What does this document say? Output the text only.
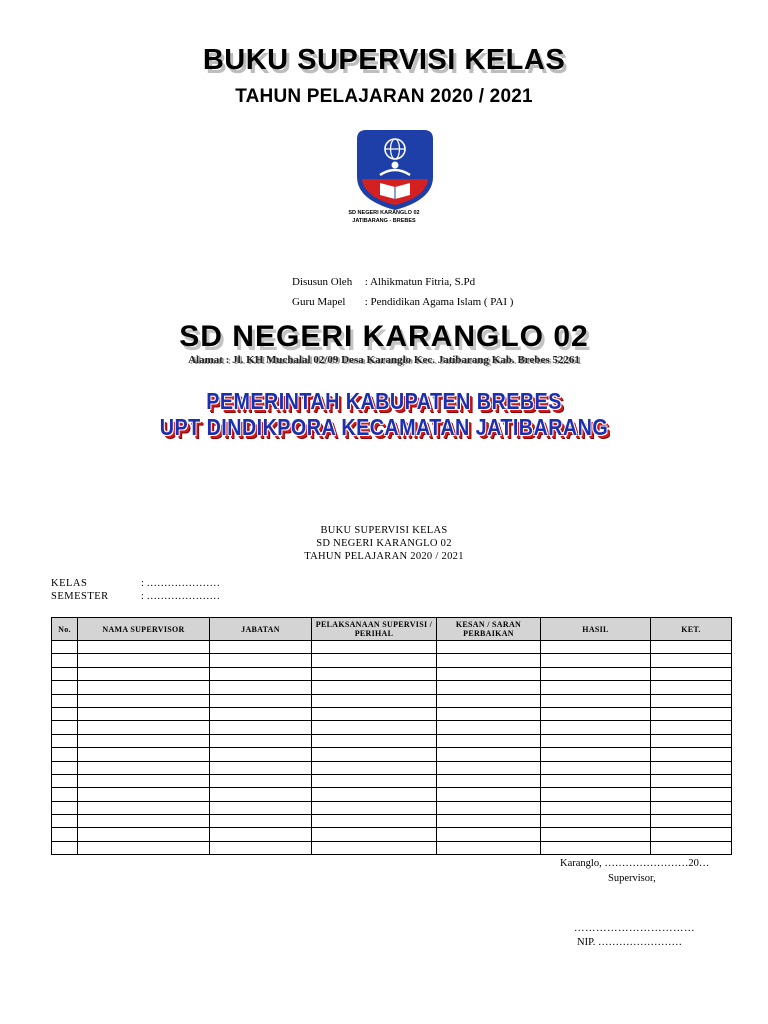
BUKU SUPERVISI KELAS
TAHUN PELAJARAN 2020 / 2021
SD NEGERI KARANGLO 02
JATIBARANG - BREBES
Disusun Oleh : Alhikmatun Fitria, S.Pd
Guru Mapel : Pendidikan Agama Islam ( PAI )
SD NEGERI KARANGLO 02
Alamat : Jl. KH Muchalal 02/09 Desa Karanglo Kec. Jatibarang Kab. Brebes 52261
PEMERINTAH KABUPATEN BREBES
UPT DINDIKPORA KECAMATAN JATIBARANG
BUKU SUPERVISI KELAS
SD NEGERI KARANGLO 02
TAHUN PELAJARAN 2020 / 2021
KELAS	: …………………
SEMESTER	: …………………
No.	NAMA SUPERVISOR	JABATAN	PELAKSANAAN SUPERVISI / PERIHAL	KESAN / SARAN PERBAIKAN	HASIL	KET.

Karanglo, ……………………20…
Supervisor,
……………………………
NIP. ……………………
